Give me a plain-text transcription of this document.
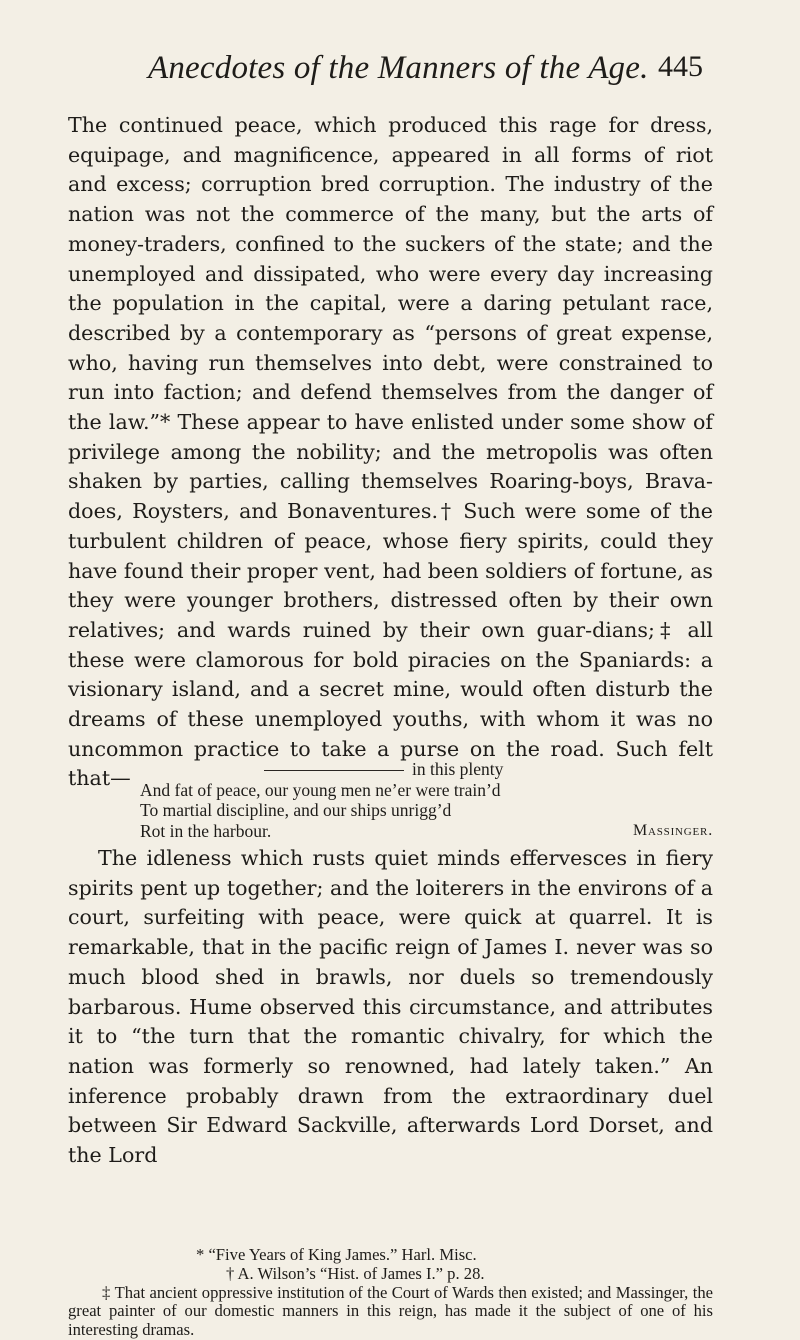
Anecdotes of the Manners of the Age. 445

The continued peace, which produced this rage for dress, equipage, and magnificence, appeared in all forms of riot and excess; corruption bred corruption. The industry of the nation was not the commerce of the many, but the arts of money-traders, confined to the suckers of the state; and the unemployed and dissipated, who were every day increasing the population in the capital, were a daring petulant race, described by a contemporary as “persons of great expense, who, having run themselves into debt, were constrained to run into faction; and defend themselves from the danger of the law.”* These appear to have enlisted under some show of privilege among the nobility; and the metropolis was often shaken by parties, calling themselves Roaring-boys, Brava-does, Roysters, and Bonaventures.† Such were some of the turbulent children of peace, whose fiery spirits, could they have found their proper vent, had been soldiers of fortune, as they were younger brothers, distressed often by their own relatives; and wards ruined by their own guar-dians;‡ all these were clamorous for bold piracies on the Spaniards: a visionary island, and a secret mine, would often disturb the dreams of these unemployed youths, with whom it was no uncommon practice to take a purse on the road. Such felt that—	in this plenty
And fat of peace, our young men ne’er were train’d
To martial discipline, and our ships unrigg’d
Rot in the harbour.	Massinger.

The idleness which rusts quiet minds effervesces in fiery spirits pent up together; and the loiterers in the environs of a court, surfeiting with peace, were quick at quarrel. It is remarkable, that in the pacific reign of James I. never was so much blood shed in brawls, nor duels so tremendously barbarous. Hume observed this circumstance, and attributes it to “the turn that the romantic chivalry, for which the nation was formerly so renowned, had lately taken.” An inference probably drawn from the extraordinary duel between Sir Edward Sackville, afterwards Lord Dorset, and the Lord

* “Five Years of King James.” Harl. Misc.

† A. Wilson’s “Hist. of James I.” p. 28.

‡ That ancient oppressive institution of the Court of Wards then existed; and Massinger, the great painter of our domestic manners in this reign, has made it the subject of one of his interesting dramas.
